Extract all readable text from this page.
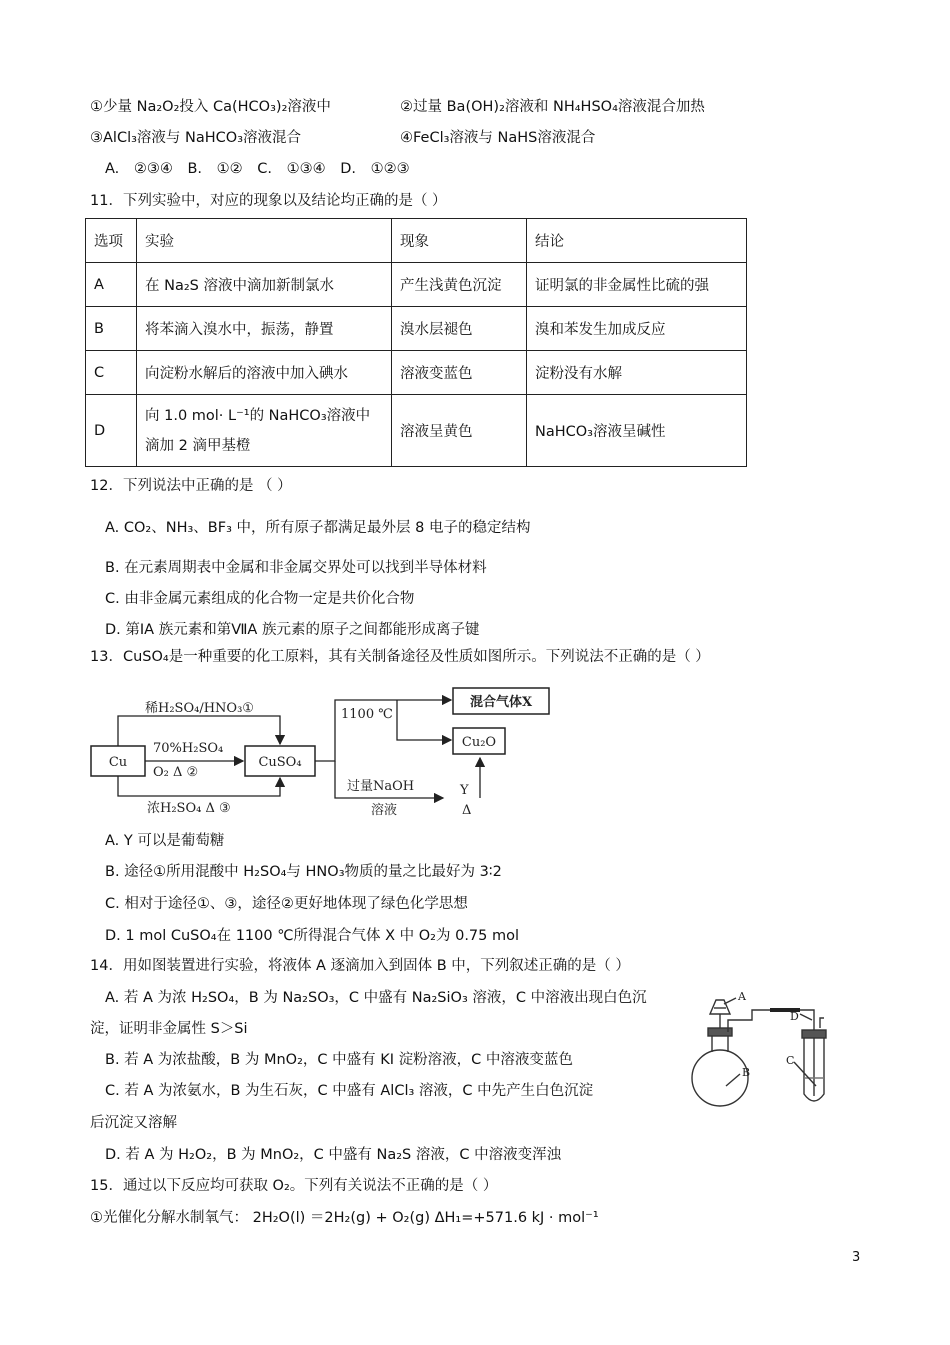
①少量 Na₂O₂投入 Ca(HCO₃)₂溶液中	②过量 Ba(OH)₂溶液和 NH₄HSO₄溶液混合加热
③AlCl₃溶液与 NaHCO₃溶液混合	④FeCl₃溶液与 NaHS溶液混合
A. ②③④ B. ①② C. ①③④ D. ①②③
11．下列实验中，对应的现象以及结论均正确的是（ ）
选项	实验	现象	结论
A	在 Na₂S 溶液中滴加新制氯水	产生浅黄色沉淀	证明氯的非金属性比硫的强
B	将苯滴入溴水中，振荡，静置	溴水层褪色	溴和苯发生加成反应
C	向淀粉水解后的溶液中加入碘水	溶液变蓝色	淀粉没有水解
D	向 1.0 mol· L⁻¹的 NaHCO₃溶液中
滴加 2 滴甲基橙	溶液呈黄色	NaHCO₃溶液呈碱性
12．下列说法中正确的是 （ ）
A. CO₂、NH₃、BF₃ 中，所有原子都满足最外层 8 电子的稳定结构
B. 在元素周期表中金属和非金属交界处可以找到半导体材料
C. 由非金属元素组成的化合物一定是共价化合物
D. 第ⅠA 族元素和第ⅦA 族元素的原子之间都能形成离子键
13．CuSO₄是一种重要的化工原料，其有关制备途径及性质如图所示。下列说法不正确的是（ ）
Cu	CuSO₄
稀H₂SO₄/HNO₃①
70%H₂SO₄
O₂ Δ ②
浓H₂SO₄ Δ ③
1100 ℃
混合气体X
Cu₂O
过量NaOH
溶液
Y
Δ
A. Y 可以是葡萄糖
B. 途径①所用混酸中 H₂SO₄与 HNO₃物质的量之比最好为 3∶2
C. 相对于途径①、③，途径②更好地体现了绿色化学思想
D. 1 mol CuSO₄在 1100 ℃所得混合气体 X 中 O₂为 0.75 mol
14．用如图装置进行实验，将液体 A 逐滴加入到固体 B 中，下列叙述正确的是（ ）
A. 若 A 为浓 H₂SO₄，B 为 Na₂SO₃，C 中盛有 Na₂SiO₃ 溶液，C 中溶液出现白色沉
淀，证明非金属性 S＞Si
B. 若 A 为浓盐酸，B 为 MnO₂，C 中盛有 KI 淀粉溶液，C 中溶液变蓝色
C. 若 A 为浓氨水，B 为生石灰，C 中盛有 AlCl₃ 溶液，C 中先产生白色沉淀
后沉淀又溶解
D. 若 A 为 H₂O₂，B 为 MnO₂，C 中盛有 Na₂S 溶液，C 中溶液变浑浊
A
B
D
C
15．通过以下反应均可获取 O₂。下列有关说法不正确的是（ ）
①光催化分解水制氧气： 2H₂O(l) ＝2H₂(g) + O₂(g) ΔH₁=+571.6 kJ · mol⁻¹
3
